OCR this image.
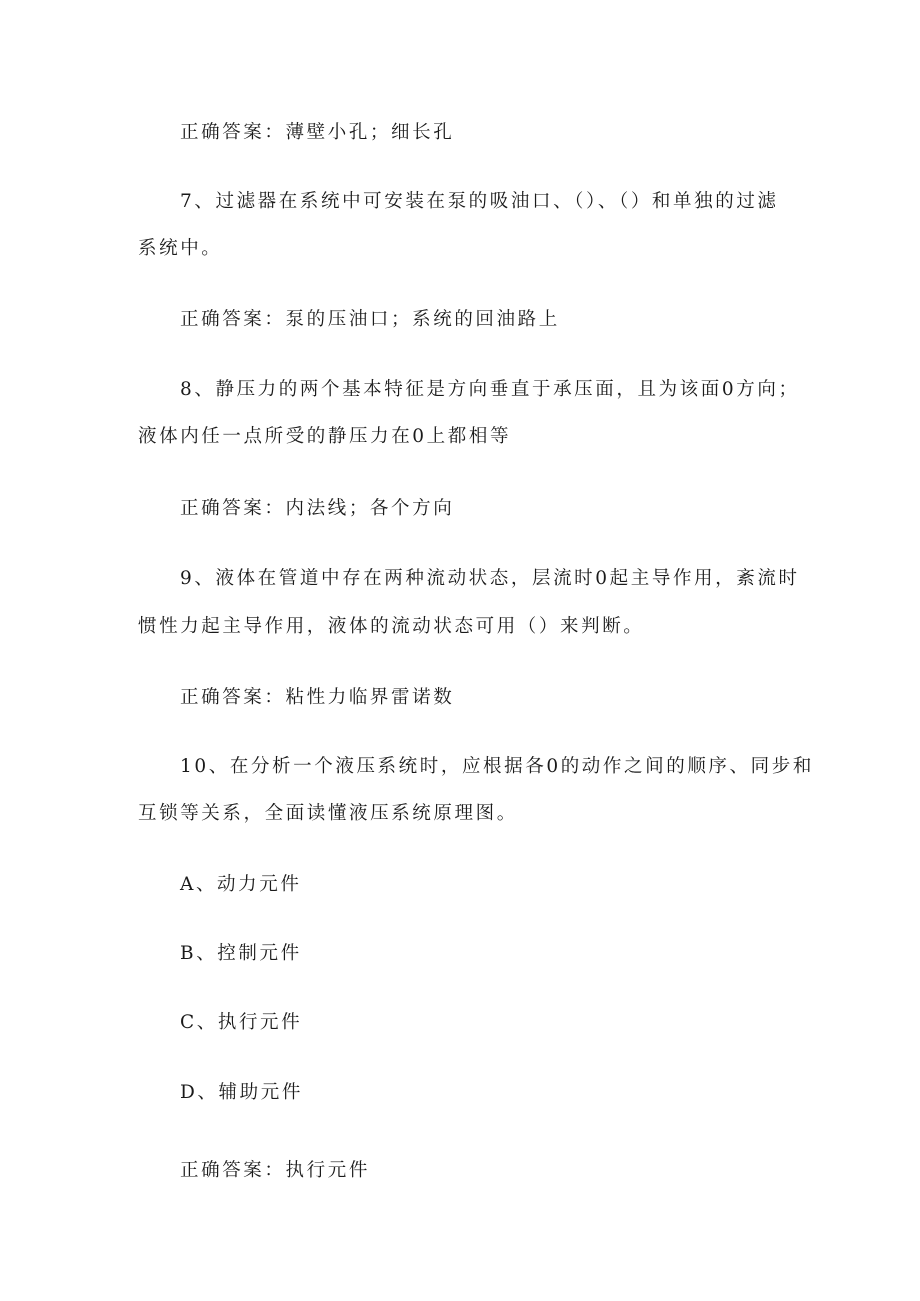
正确答案：薄壁小孔；细长孔
7、过滤器在系统中可安装在泵的吸油口、（）、（）和单独的过滤
系统中。
正确答案：泵的压油口；系统的回油路上
8、静压力的两个基本特征是方向垂直于承压面，且为该面0方向；
液体内任一点所受的静压力在0上都相等
正确答案：内法线；各个方向
9、液体在管道中存在两种流动状态，层流时0起主导作用，紊流时
惯性力起主导作用，液体的流动状态可用（）来判断。
正确答案：粘性力临界雷诺数
10、在分析一个液压系统时，应根据各0的动作之间的顺序、同步和
互锁等关系，全面读懂液压系统原理图。
A、动力元件
B、控制元件
C、执行元件
D、辅助元件
正确答案：执行元件
